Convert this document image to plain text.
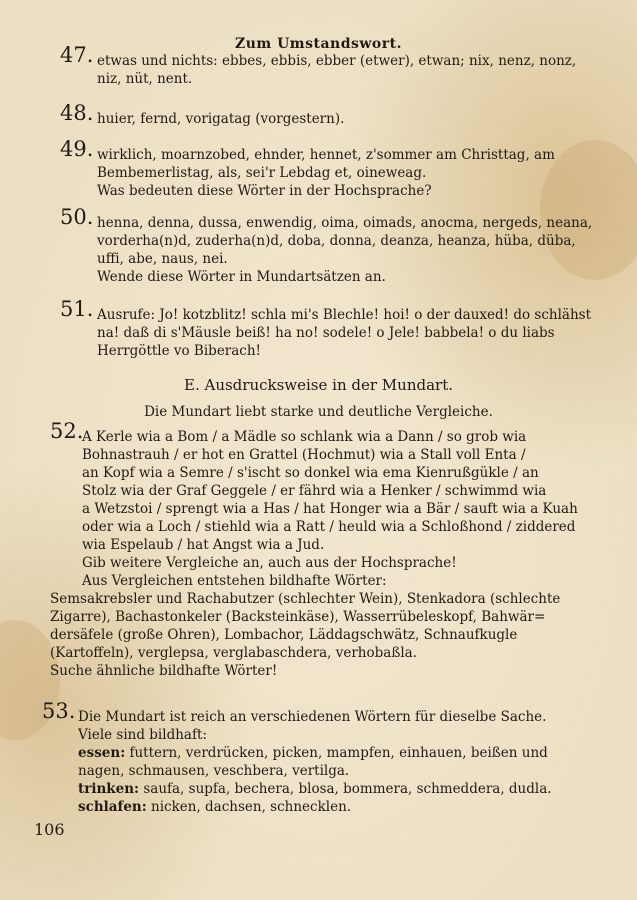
Zum Umstandswort.
47. etwas und nichts: ebbes, ebbis, ebber (etwer), etwan; nix, nenz, nonz,
niz, nüt, nent.
48. huier, fernd, vorigatag (vorgestern).
49. wirklich, moarnzobed, ehnder, hennet, z'sommer am Christtag, am
Bembemerlistag, als, sei'r Lebdag et, oineweag.
Was bedeuten diese Wörter in der Hochsprache?
50. henna, denna, dussa, enwendig, oima, oimads, anocma, nergeds, neana,
vorderha(n)d, zuderha(n)d, doba, donna, deanza, heanza, hüba, düba,
uffi, abe, naus, nei.
Wende diese Wörter in Mundartsätzen an.
51. Ausrufe: Jo! kotzblitz! schla mi's Blechle! hoi! o der dauxed! do schlähst
na! daß di s'Mäusle beiß! ha no! sodele! o Jele! babbela! o du liabs
Herrgöttle vo Biberach!
E. Ausdrucksweise in der Mundart.
Die Mundart liebt starke und deutliche Vergleiche.
52.
A Kerle wia a Bom / a Mädle so schlank wia a Dann / so grob wia
Bohnastrauh / er hot en Grattel (Hochmut) wia a Stall voll Enta /
an Kopf wia a Semre / s'ischt so donkel wia ema Kienrußgükle / an
Stolz wia der Graf Geggele / er fährd wia a Henker / schwimmd wia
a Wetzstoi / sprengt wia a Has / hat Honger wia a Bär / sauft wia a Kuah
oder wia a Loch / stiehld wia a Ratt / heuld wia a Schloßhond / ziddered
wia Espelaub / hat Angst wia a Jud.
Gib weitere Vergleiche an, auch aus der Hochsprache!
Aus Vergleichen entstehen bildhafte Wörter:
Semsakrebsler und Rachabutzer (schlechter Wein), Stenkadora (schlechte
Zigarre), Bachastonkeler (Backsteinkäse), Wasserrübeleskopf, Bahwär=
dersäfele (große Ohren), Lombachor, Läddagschwätz, Schnaufkugle
(Kartoffeln), verglepsa, verglabaschdera, verhobaßla.
Suche ähnliche bildhafte Wörter!
53. Die Mundart ist reich an verschiedenen Wörtern für dieselbe Sache.
Viele sind bildhaft:
essen: futtern, verdrücken, picken, mampfen, einhauen, beißen und
nagen, schmausen, veschbera, vertilga.
trinken: saufa, supfa, bechera, blosa, bommera, schmeddera, dudla.
schlafen: nicken, dachsen, schnecklen.
106
